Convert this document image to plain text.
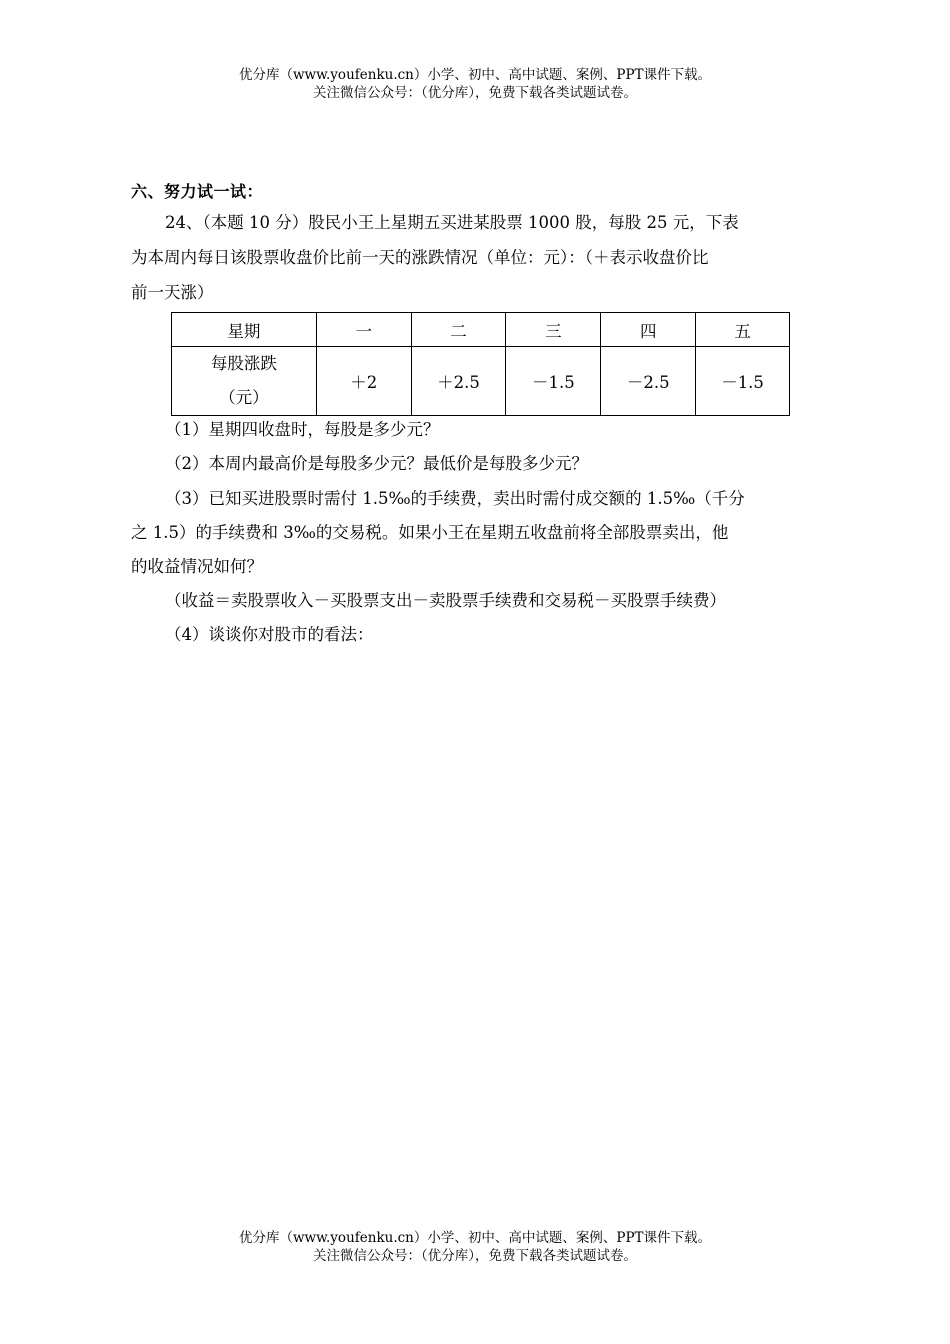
优分库（www.youfenku.cn）小学、初中、高中试题、案例、PPT课件下载。
关注微信公众号：（优分库），免费下载各类试题试卷。
六、努力试一试：
24、（本题 10 分）股民小王上星期五买进某股票 1000 股，每股 25 元，下表
为本周内每日该股票收盘价比前一天的涨跌情况（单位：元）：（＋表示收盘价比
前一天涨）
星期	一	二	三	四	五

每股涨跌
（元）	＋2	＋2.5	－1.5	－2.5	－1.5
（1）星期四收盘时，每股是多少元？
（2）本周内最高价是每股多少元？最低价是每股多少元？
（3）已知买进股票时需付 1.5‰的手续费，卖出时需付成交额的 1.5‰（千分
之 1.5）的手续费和 3‰的交易税。如果小王在星期五收盘前将全部股票卖出，他
的收益情况如何？
（收益＝卖股票收入－买股票支出－卖股票手续费和交易税－买股票手续费）
（4）谈谈你对股市的看法：
优分库（www.youfenku.cn）小学、初中、高中试题、案例、PPT课件下载。
关注微信公众号：（优分库），免费下载各类试题试卷。
